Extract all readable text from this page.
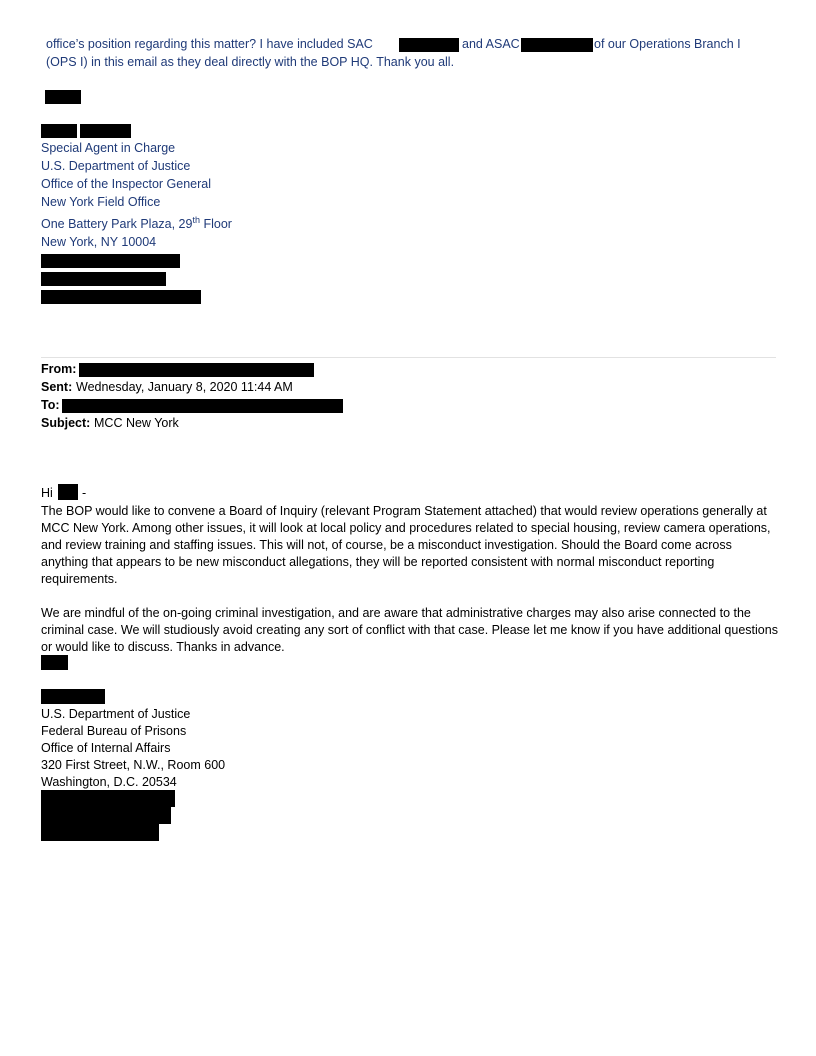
office’s position regarding this matter? I have included SAC	and ASAC	of our Operations Branch I
(OPS I) in this email as they deal directly with the BOP HQ. Thank you all.
Special Agent in Charge
U.S. Department of Justice
Office of the Inspector General
New York Field Office
One Battery Park Plaza, 29th Floor
New York, NY 10004
From:
Sent: Wednesday, January 8, 2020 11:44 AM
To:
Subject: MCC New York
Hi -
The BOP would like to convene a Board of Inquiry (relevant Program Statement attached) that would review operations generally at MCC New York. Among other issues, it will look at local policy and procedures related to special housing, review camera operations, and review training and staffing issues. This will not, of course, be a misconduct investigation. Should the Board come across anything that appears to be new misconduct allegations, they will be reported consistent with normal misconduct reporting requirements.
We are mindful of the on-going criminal investigation, and are aware that administrative charges may also arise connected to the criminal case. We will studiously avoid creating any sort of conflict with that case. Please let me know if you have additional questions or would like to discuss. Thanks in advance.
U.S. Department of Justice
Federal Bureau of Prisons
Office of Internal Affairs
320 First Street, N.W., Room 600
Washington, D.C. 20534
